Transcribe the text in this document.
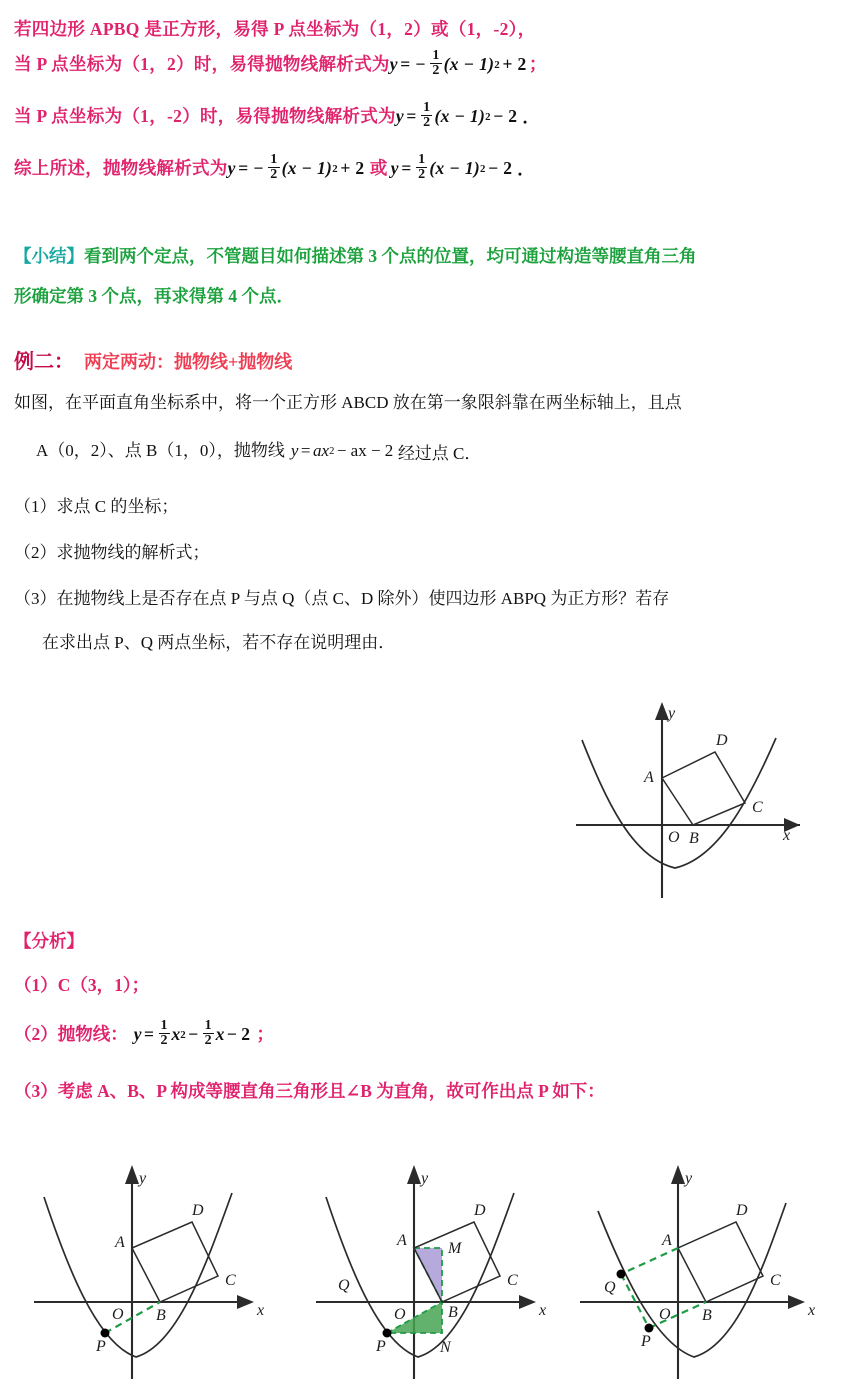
若四边形 APBQ 是正方形，易得 P 点坐标为（1，2）或（1，-2），
当 P 点坐标为（1，2）时，易得抛物线解析式为 y = − $\frac{1}{2} (x - 1) 2 + 2$ ；
当 P 点坐标为（1，-2）时，易得抛物线解析式为 $y = \frac{1}{2} (x - 1) 2 - 2$ ．
综上所述，抛物线解析式为 y = − $\frac{1}{2} (x - 1) 2 + 2$ 或 $y = \frac{1}{2} (x - 1) 2 - 2$ ．
【小结】 看到两个定点，不管题目如何描述第 3 个点的位置，均可通过构造等腰直角三角
形确定第 3 个点，再求得第 4 个点．
例二： 两定两动：抛物线+抛物线
如图，在平面直角坐标系中，将一个正方形 ABCD 放在第一象限斜靠在两坐标轴上，且点
A（0，2）、点 B（1，0），抛物线 y = ax 2 − ax − 2 经过点 C．
（1） 求点 C 的坐标；
（2） 求抛物线的解析式；
（3） 在抛物线上是否存在点 P 与点 Q（点 C、D 除外）使四边形 ABPQ 为正方形？若存
在求出点 P、Q 两点坐标，若不存在说明理由．
x
y
O
A
B
C
D
【分析】
（1）C（3，1）；
（2）抛物线： $y = \frac{1}{2}$ x $2 - \frac{1}{2}$ x − 2 ；
（3）考虑 A、B、P 构成等腰直角三角形且∠B 为直角，故可作出点 P 如下：
x
y
O
A
B
C
D
P
x
y
O
A
B
C
D
P
Q
M
N
x
y
O
A
B
C
D
P
Q
